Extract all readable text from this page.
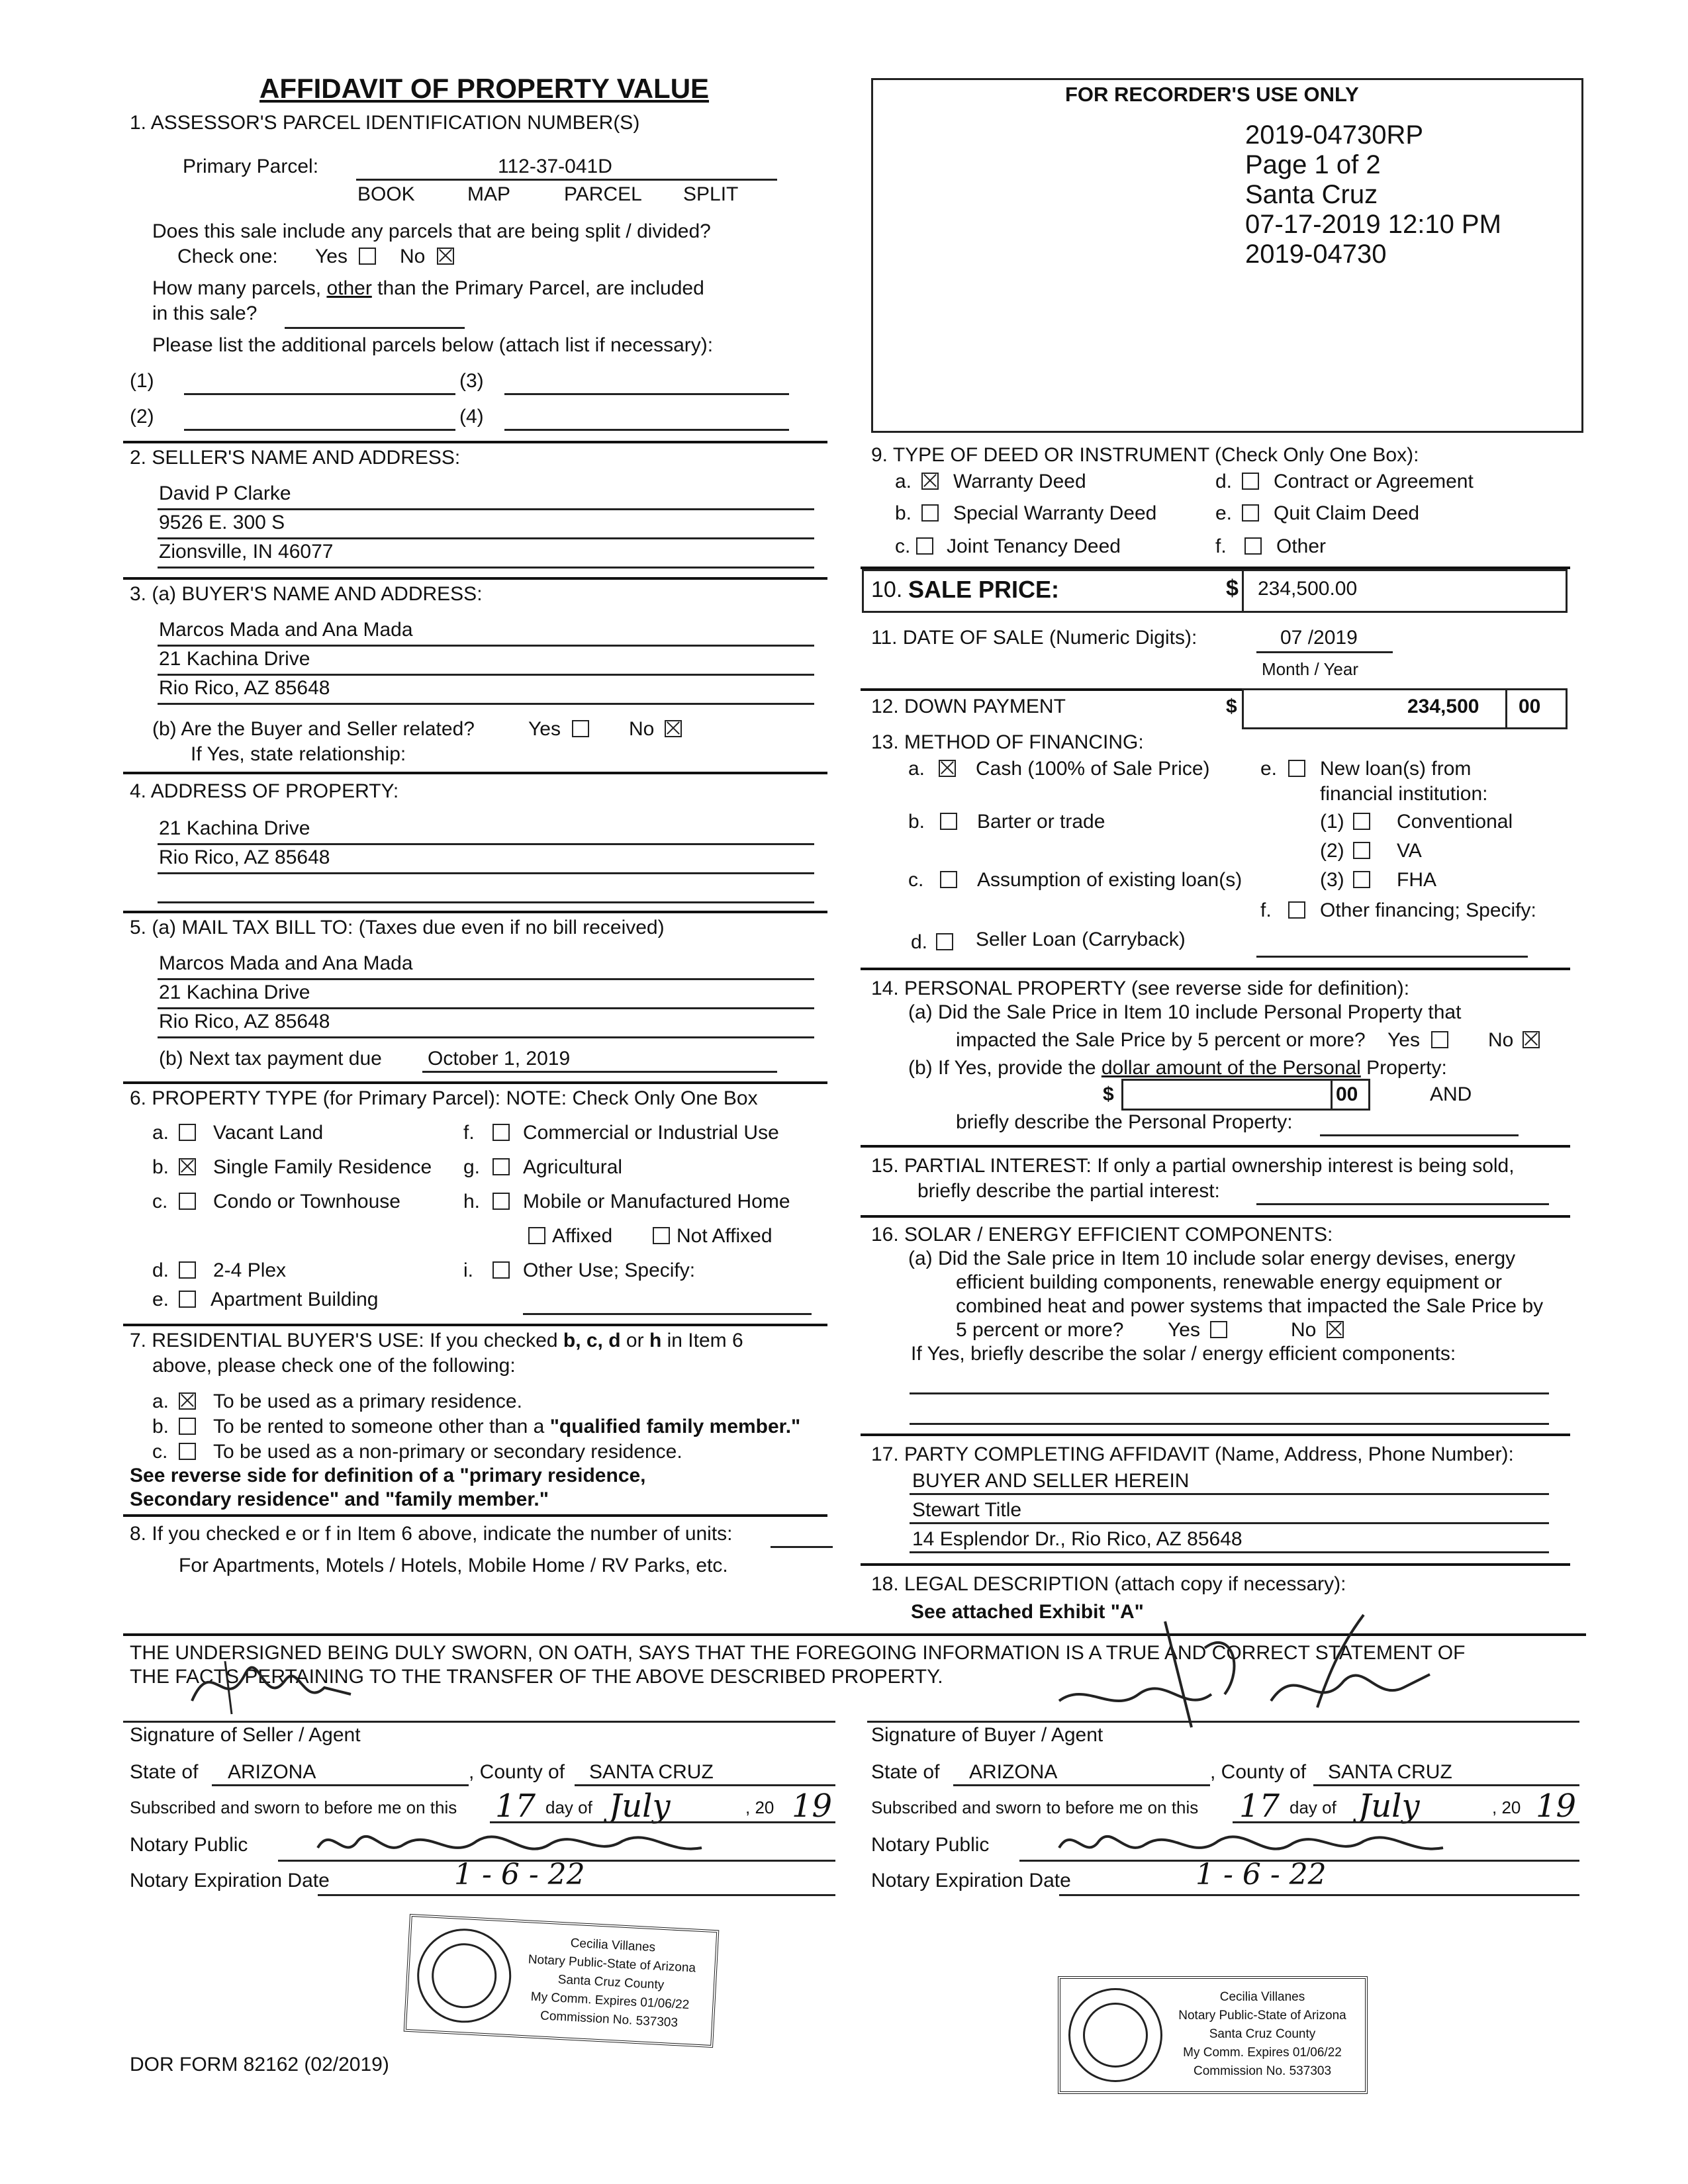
AFFIDAVIT OF PROPERTY VALUE	FOR RECORDER'S USE ONLY
2019-04730RP
Page 1 of 2
Santa Cruz
07-17-2019 12:10 PM
2019-04730
1. ASSESSOR'S PARCEL IDENTIFICATION NUMBER(S)
Primary Parcel:	112-37-041D
BOOK	MAP	PARCEL SPLIT
Does this sale include any parcels that are being split / divided?
Check one: Yes	No
How many parcels, other than the Primary Parcel, are included
in this sale?
Please list the additional parcels below (attach list if necessary):
(1)	(3)
(2)	(4)
2. SELLER'S NAME AND ADDRESS:
David P Clarke
9526 E. 300 S
Zionsville, IN 46077
3. (a) BUYER'S NAME AND ADDRESS:
Marcos Mada and Ana Mada
21 Kachina Drive
Rio Rico, AZ 85648
(b) Are the Buyer and Seller related?	Yes	No
If Yes, state relationship:
4. ADDRESS OF PROPERTY:
21 Kachina Drive
Rio Rico, AZ 85648
5. (a) MAIL TAX BILL TO: (Taxes due even if no bill received)
Marcos Mada and Ana Mada
21 Kachina Drive
Rio Rico, AZ 85648
(b) Next tax payment due October 1, 2019
6. PROPERTY TYPE (for Primary Parcel): NOTE: Check Only One Box
a. Vacant Land	f. Commercial or Industrial Use
b. Single Family Residence g. Agricultural
c. Condo or Townhouse	h. Mobile or Manufactured Home
Affixed	Not Affixed
d. 2-4 Plex	i.	Other Use; Specify:
e. Apartment Building
7. RESIDENTIAL BUYER'S USE: If you checked b, c, d or h in Item 6
above, please check one of the following:
a. To be used as a primary residence.
b. To be rented to someone other than a "qualified family member."
c. To be used as a non-primary or secondary residence.
See reverse side for definition of a "primary residence,
Secondary residence" and "family member."
8. If you checked e or f in Item 6 above, indicate the number of units:
For Apartments, Motels / Hotels, Mobile Home / RV Parks, etc.
9. TYPE OF DEED OR INSTRUMENT (Check Only One Box):
a. Warranty Deed	d. Contract or Agreement
b. Special Warranty Deed	e. Quit Claim Deed
c. Joint Tenancy Deed	f.	Other
10. SALE PRICE:	$ 234,500.00
11. DATE OF SALE (Numeric Digits):	07 /2019
Month / Year
12. DOWN PAYMENT	$	234,500 00
13. METHOD OF FINANCING:
a.	Cash (100% of Sale Price)	e. New loan(s) from
financial institution:
b.	Barter or trade	(1)	Conventional
(2)	VA
c.	Assumption of existing loan(s)	(3)	FHA
f. Other financing; Specify:
d. Seller Loan (Carryback)
14. PERSONAL PROPERTY (see reverse side for definition):
(a) Did the Sale Price in Item 10 include Personal Property that
impacted the Sale Price by 5 percent or more? Yes	No
(b) If Yes, provide the dollar amount of the Personal Property:
$	00	AND
briefly describe the Personal Property:
15. PARTIAL INTEREST: If only a partial ownership interest is being sold,
briefly describe the partial interest:
16. SOLAR / ENERGY EFFICIENT COMPONENTS:
(a) Did the Sale price in Item 10 include solar energy devises, energy
efficient building components, renewable energy equipment or
combined heat and power systems that impacted the Sale Price by
5 percent or more? Yes	No
If Yes, briefly describe the solar / energy efficient components:
17. PARTY COMPLETING AFFIDAVIT (Name, Address, Phone Number):
BUYER AND SELLER HEREIN
Stewart Title
14 Esplendor Dr., Rio Rico, AZ 85648
18. LEGAL DESCRIPTION (attach copy if necessary):
See attached Exhibit "A"
THE UNDERSIGNED BEING DULY SWORN, ON OATH, SAYS THAT THE FOREGOING INFORMATION IS A TRUE AND CORRECT STATEMENT OF
THE FACTS PERTAINING TO THE TRANSFER OF THE ABOVE DESCRIBED PROPERTY.
Signature of Seller / Agent
State of ARIZONA	, County of SANTA CRUZ
Subscribed and sworn to before me on this 17 day of July	, 20 19
Notary Public
Notary Expiration Date	1 - 6 - 22
Signature of Buyer / Agent
State of ARIZONA	, County of SANTA CRUZ
Subscribed and sworn to before me on this 17 day of July	, 20 19
Notary Public
Notary Expiration Date	1 - 6 - 22
Cecilia Villanes
Notary Public-State of Arizona
Santa Cruz County
My Comm. Expires 01/06/22
Commission No. 537303
Cecilia Villanes
Notary Public-State of Arizona
Santa Cruz County
My Comm. Expires 01/06/22
Commission No. 537303
DOR FORM 82162 (02/2019)
